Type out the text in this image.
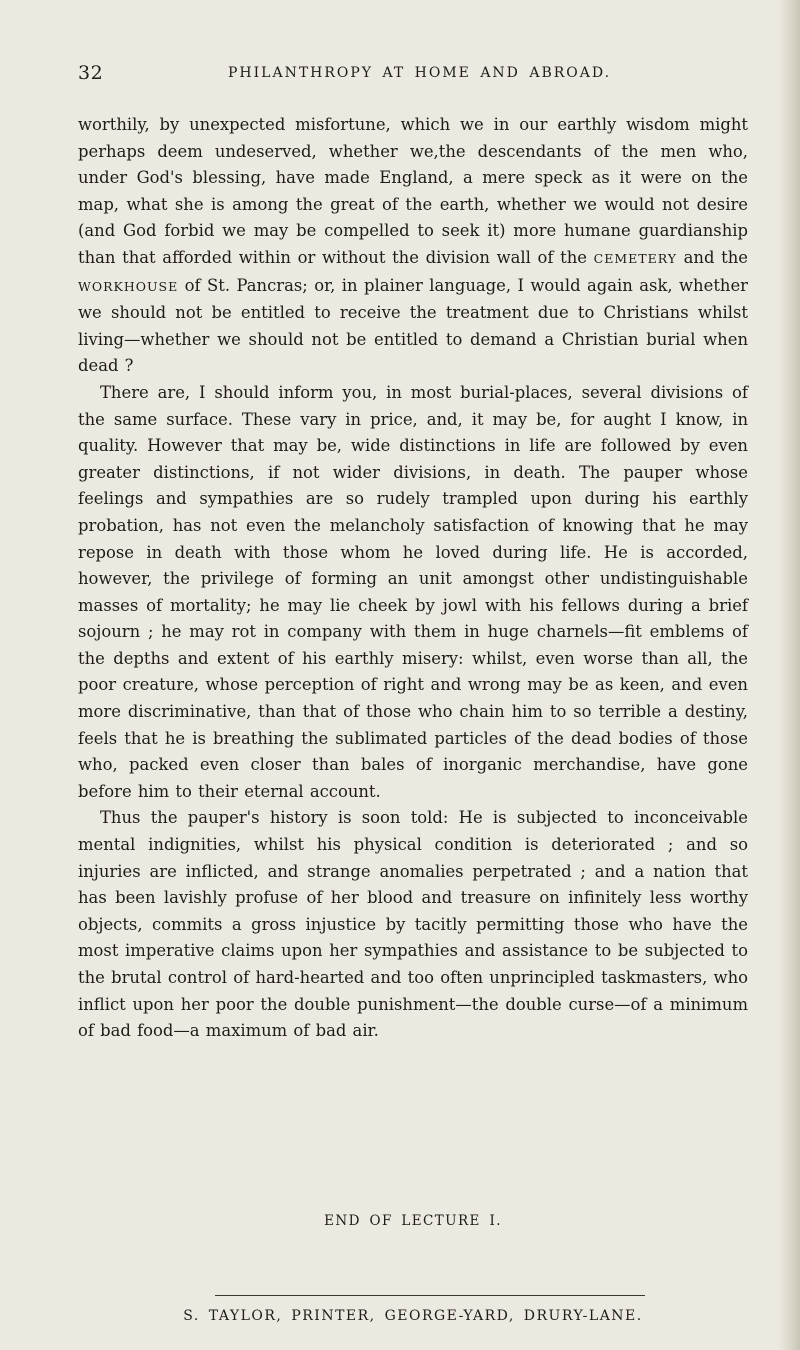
32	PHILANTHROPY AT HOME AND ABROAD.

worthily, by unexpected misfortune, which we in our earthly wisdom might perhaps deem undeserved, whether we,the descendants of the men who, under God's blessing, have made England, a mere speck as it were on the map, what she is among the great of the earth, whether we would not desire (and God forbid we may be compelled to seek it) more humane guardianship than that afforded within or without the division wall of the CEMETERY and the WORKHOUSE of St. Pancras; or, in plainer language, I would again ask, whether we should not be entitled to receive the treatment due to Christians whilst living—whether we should not be entitled to demand a Christian burial when dead ?

There are, I should inform you, in most burial-places, several divisions of the same surface. These vary in price, and, it may be, for aught I know, in quality. However that may be, wide distinctions in life are followed by even greater distinctions, if not wider divisions, in death. The pauper whose feelings and sympathies are so rudely trampled upon during his earthly probation, has not even the melancholy satisfaction of knowing that he may repose in death with those whom he loved during life. He is accorded, however, the privilege of forming an unit amongst other undistinguishable masses of mortality; he may lie cheek by jowl with his fellows during a brief sojourn ; he may rot in company with them in huge charnels—fit emblems of the depths and extent of his earthly misery: whilst, even worse than all, the poor creature, whose perception of right and wrong may be as keen, and even more discriminative, than that of those who chain him to so terrible a destiny, feels that he is breathing the sublimated particles of the dead bodies of those who, packed even closer than bales of inorganic merchandise, have gone before him to their eternal account.

Thus the pauper's history is soon told: He is subjected to inconceivable mental indignities, whilst his physical condition is deteriorated ; and so injuries are inflicted, and strange anomalies perpetrated ; and a nation that has been lavishly profuse of her blood and treasure on infinitely less worthy objects, commits a gross injustice by tacitly permitting those who have the most imperative claims upon her sympathies and assistance to be subjected to the brutal control of hard-hearted and too often unprincipled taskmasters, who inflict upon her poor the double punishment—the double curse—of a minimum of bad food—a maximum of bad air.

END OF LECTURE I.
S. TAYLOR, PRINTER, GEORGE-YARD, DRURY-LANE.
